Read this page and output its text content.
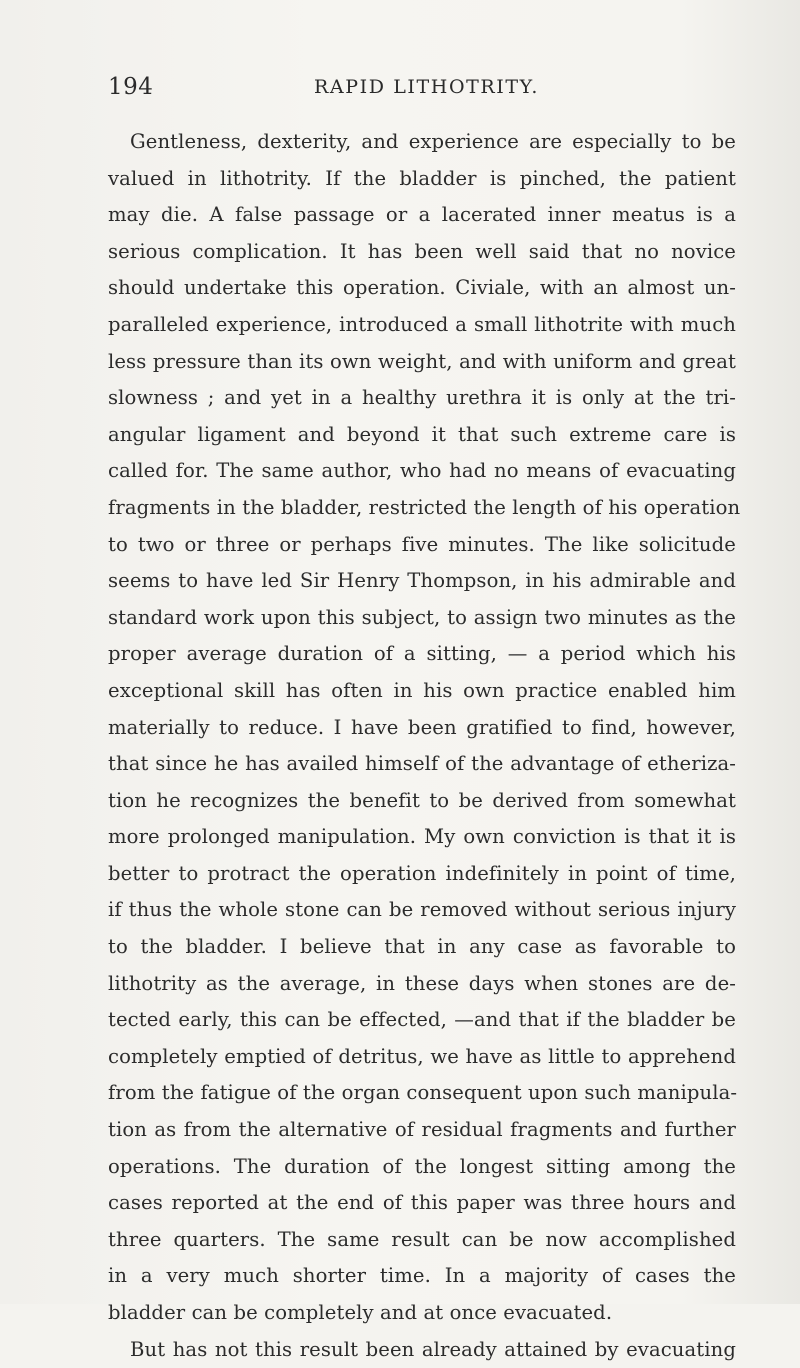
194	RAPID LITHOTRITY.
Gentleness, dexterity, and experience are especially to be
valued in lithotrity. If the bladder is pinched, the patient
may die. A false passage or a lacerated inner meatus is a
serious complication. It has been well said that no novice
should undertake this operation. Civiale, with an almost un-
paralleled experience, introduced a small lithotrite with much
less pressure than its own weight, and with uniform and great
slowness ; and yet in a healthy urethra it is only at the tri-
angular ligament and beyond it that such extreme care is
called for. The same author, who had no means of evacuating
fragments in the bladder, restricted the length of his operation
to two or three or perhaps five minutes. The like solicitude
seems to have led Sir Henry Thompson, in his admirable and
standard work upon this subject, to assign two minutes as the
proper average duration of a sitting, — a period which his
exceptional skill has often in his own practice enabled him
materially to reduce. I have been gratified to find, however,
that since he has availed himself of the advantage of etheriza-
tion he recognizes the benefit to be derived from somewhat
more prolonged manipulation. My own conviction is that it is
better to protract the operation indefinitely in point of time,
if thus the whole stone can be removed without serious injury
to the bladder. I believe that in any case as favorable to
lithotrity as the average, in these days when stones are de-
tected early, this can be effected, —and that if the bladder be
completely emptied of detritus, we have as little to apprehend
from the fatigue of the organ consequent upon such manipula-
tion as from the alternative of residual fragments and further
operations. The duration of the longest sitting among the
cases reported at the end of this paper was three hours and
three quarters. The same result can be now accomplished
in a very much shorter time. In a majority of cases the
bladder can be completely and at once evacuated.
But has not this result been already attained by evacuating
